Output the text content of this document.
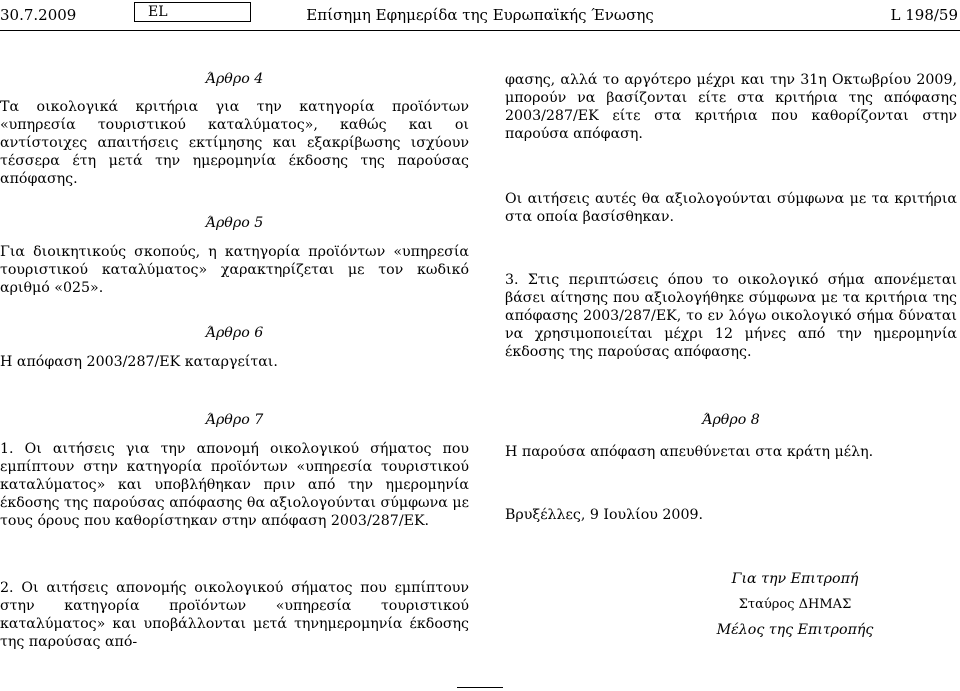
30.7.2009	EL	Επίσημη Εφημερίδα της Ευρωπαϊκής Ένωσης	L 198/59
Άρθρο 4
Τα οικολογικά κριτήρια για την κατηγορία προϊόντων «υπηρεσία τουριστικού καταλύματος», καθώς και οι αντίστοιχες απαιτήσεις εκτίμησης και εξακρίβωσης ισχύουν τέσσερα έτη μετά την ημερομηνία έκδοσης της παρούσας απόφασης.
Άρθρο 5
Για διοικητικούς σκοπούς, η κατηγορία προϊόντων «υπηρεσία τουριστικού καταλύματος» χαρακτηρίζεται με τον κωδικό αριθμό «025».
Άρθρο 6
Η απόφαση 2003/287/ΕΚ καταργείται.
φασης, αλλά το αργότερο μέχρι και την 31η Οκτωβρίου 2009, μπορούν να βασίζονται είτε στα κριτήρια της απόφασης 2003/287/ΕΚ είτε στα κριτήρια που καθορίζονται στην παρούσα απόφαση.
Οι αιτήσεις αυτές θα αξιολογούνται σύμφωνα με τα κριτήρια στα οποία βασίσθηκαν.
3. Στις περιπτώσεις όπου το οικολογικό σήμα απονέμεται βάσει αίτησης που αξιολογήθηκε σύμφωνα με τα κριτήρια της απόφασης 2003/287/ΕΚ, το εν λόγω οικολογικό σήμα δύναται να χρησιμοποιείται μέχρι 12 μήνες από την ημερομηνία έκδοσης της παρούσας απόφασης.
Άρθρο 7
1. Οι αιτήσεις για την απονομή οικολογικού σήματος που εμπίπτουν στην κατηγορία προϊόντων «υπηρεσία τουριστικού καταλύματος» και υποβλήθηκαν πριν από την ημερομηνία έκδοσης της παρούσας απόφασης θα αξιολογούνται σύμφωνα με τους όρους που καθορίστηκαν στην απόφαση 2003/287/ΕΚ.
2. Οι αιτήσεις απονομής οικολογικού σήματος που εμπίπτουν στην κατηγορία προϊόντων «υπηρεσία τουριστικού καταλύματος» και υποβάλλονται μετά τηνημερομηνία έκδοσης της παρούσας από-
Άρθρο 8
Η παρούσα απόφαση απευθύνεται στα κράτη μέλη.
Βρυξέλλες, 9 Ιουλίου 2009.
Για την Επιτροπή
Σταύρος ΔΗΜΑΣ
Μέλος της Επιτροπής
